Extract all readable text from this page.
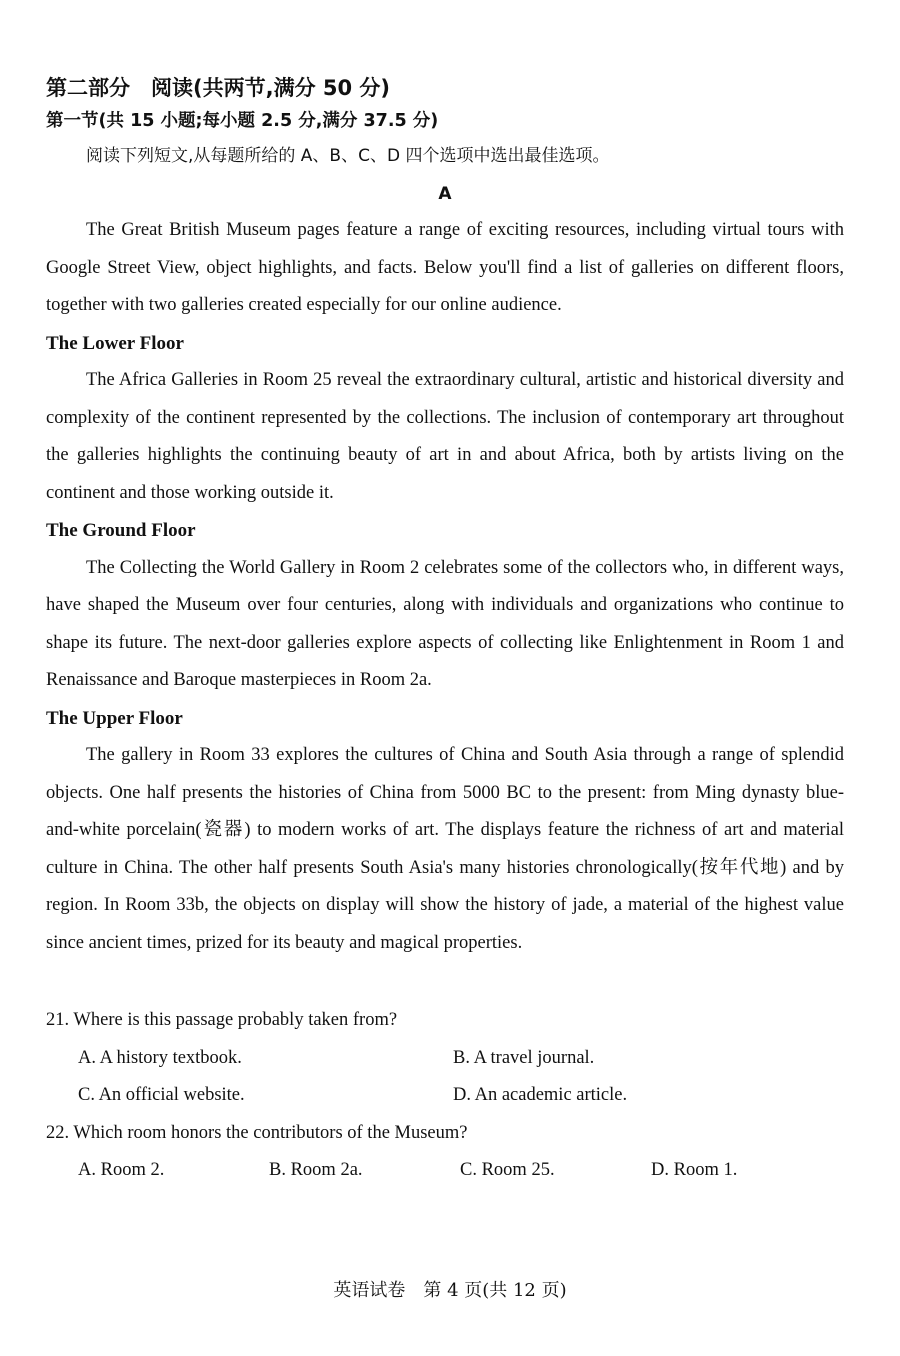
第二部分　阅读(共两节,满分 50 分)

第一节(共 15 小题;每小题 2.5 分,满分 37.5 分)

阅读下列短文,从每题所给的 A、B、C、D 四个选项中选出最佳选项。

A

The Great British Museum pages feature a range of exciting resources, including virtual tours with Google Street View, object highlights, and facts. Below you'll find a list of galleries on different floors, together with two galleries created especially for our online audience.

The Lower Floor

The Africa Galleries in Room 25 reveal the extraordinary cultural, artistic and historical diversity and complexity of the continent represented by the collections. The inclusion of contemporary art throughout the galleries highlights the continuing beauty of art in and about Africa, both by artists living on the continent and those working outside it.

The Ground Floor

The Collecting the World Gallery in Room 2 celebrates some of the collectors who, in different ways, have shaped the Museum over four centuries, along with individuals and organizations who continue to shape its future. The next-door galleries explore aspects of collecting like Enlightenment in Room 1 and Renaissance and Baroque masterpieces in Room 2a.

The Upper Floor

The gallery in Room 33 explores the cultures of China and South Asia through a range of splendid objects. One half presents the histories of China from 5000 BC to the present: from Ming dynasty blue-and-white porcelain(瓷器) to modern works of art. The displays feature the richness of art and material culture in China. The other half presents South Asia's many histories chronologically(按年代地) and by region. In Room 33b, the objects on display will show the history of jade, a material of the highest value since ancient times, prized for its beauty and magical properties.

21. Where is this passage probably taken from?

A. A history textbook.	B. A travel journal.
C. An official website.	D. An academic article.

22. Which room honors the contributors of the Museum?

A. Room 2.	B. Room 2a.	C. Room 25.	D. Room 1.
英语试卷　第 4 页(共 12 页)
